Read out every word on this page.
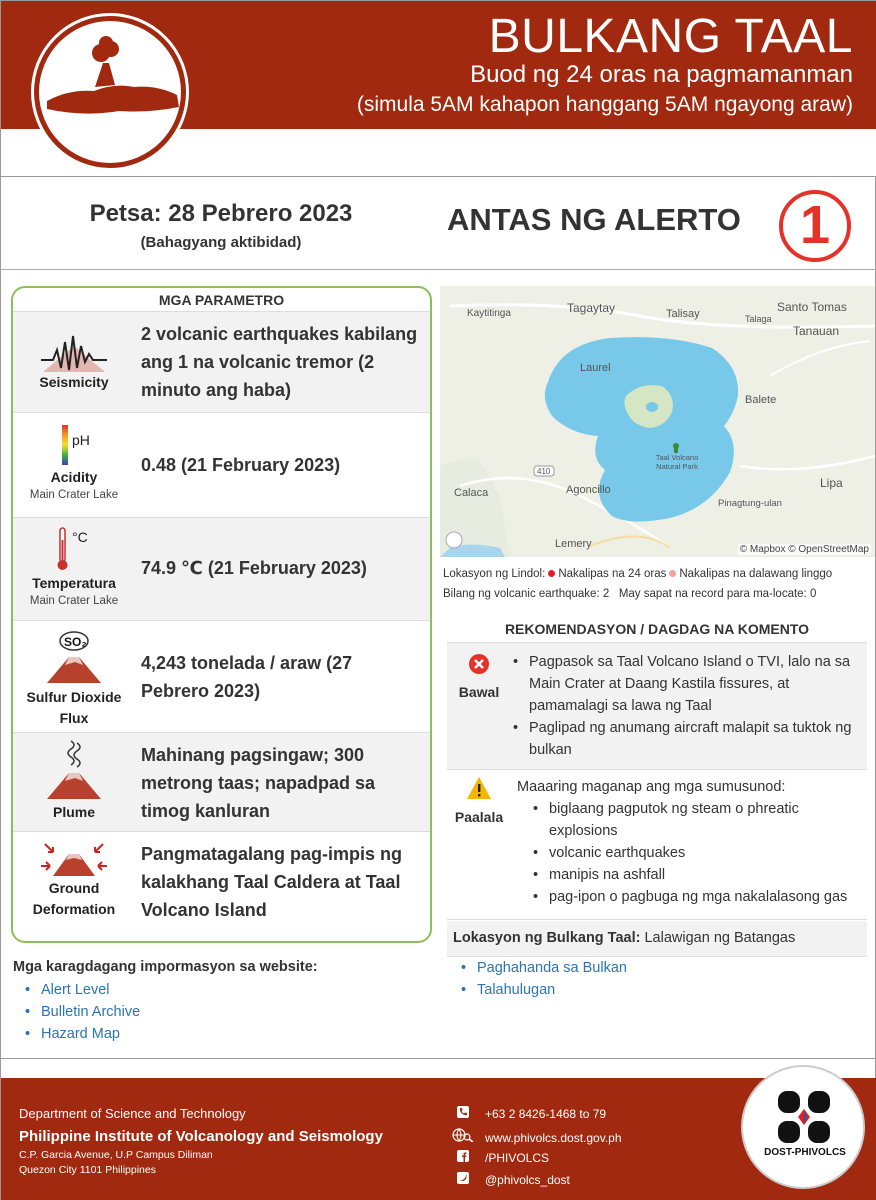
BULKANG TAAL
Buod ng 24 oras na pagmamanman
(simula 5AM kahapon hanggang 5AM ngayong araw)
Petsa: 28 Pebrero 2023
(Bahagyang aktibidad)
ANTAS NG ALERTO	1
MGA PARAMETRO
Seismicity
2 volcanic earthquakes kabilang ang 1 na volcanic tremor (2 minuto ang haba)
pH
Acidity
Main Crater Lake
0.48 (21 February 2023)
°C
Temperatura
Main Crater Lake
74.9 ℃ (21 February 2023)
SO₂
Sulfur Dioxide Flux
4,243 tonelada / araw (27 Pebrero 2023)
Plume
Mahinang pagsingaw; 300 metrong taas; napadpad sa timog kanluran
Ground Deformation
Pangmatagalang pag-impis ng kalakhang Taal Caldera at Taal Volcano Island
Kaytitinga	Tagaytay	Santo Tomas
Talisay	Talaga
Tanauan
Laurel
Balete
Taal Volcano Natural Park
410
Calaca	Agoncillo
Pinagtung-ulan
Lipa
Lemery	© Mapbox © OpenStreetMap
Lokasyon ng Lindol: Nakalipas na 24 oras Nakalipas na dalawang linggo
Bilang ng volcanic earthquake: 2 May sapat na record para ma-locate: 0
REKOMENDASYON / DAGDAG NA KOMENTO
Bawal
• Pagpasok sa Taal Volcano Island o TVI, lalo na sa Main Crater at Daang Kastila fissures, at pamamalagi sa lawa ng Taal
• Paglipad ng anumang aircraft malapit sa tuktok ng bulkan
Paalala
Maaaring maganap ang mga sumusunod:
• biglaang pagputok ng steam o phreatic explosions
• volcanic earthquakes
• manipis na ashfall
• pag-ipon o pagbuga ng mga nakalalasong gas
Lokasyon ng Bulkang Taal: Lalawigan ng Batangas
• Paghahanda sa Bulkan
• Talahulugan
Mga karagdagang impormasyon sa website:
• Alert Level
• Bulletin Archive
• Hazard Map
Department of Science and Technology
Philippine Institute of Volcanology and Seismology
C.P. Garcia Avenue, U.P Campus Diliman
Quezon City 1101 Philippines
+63 2 8426-1468 to 79
www.phivolcs.dost.gov.ph
/PHIVOLCS
@phivolcs_dost
DOST-PHIVOLCS
